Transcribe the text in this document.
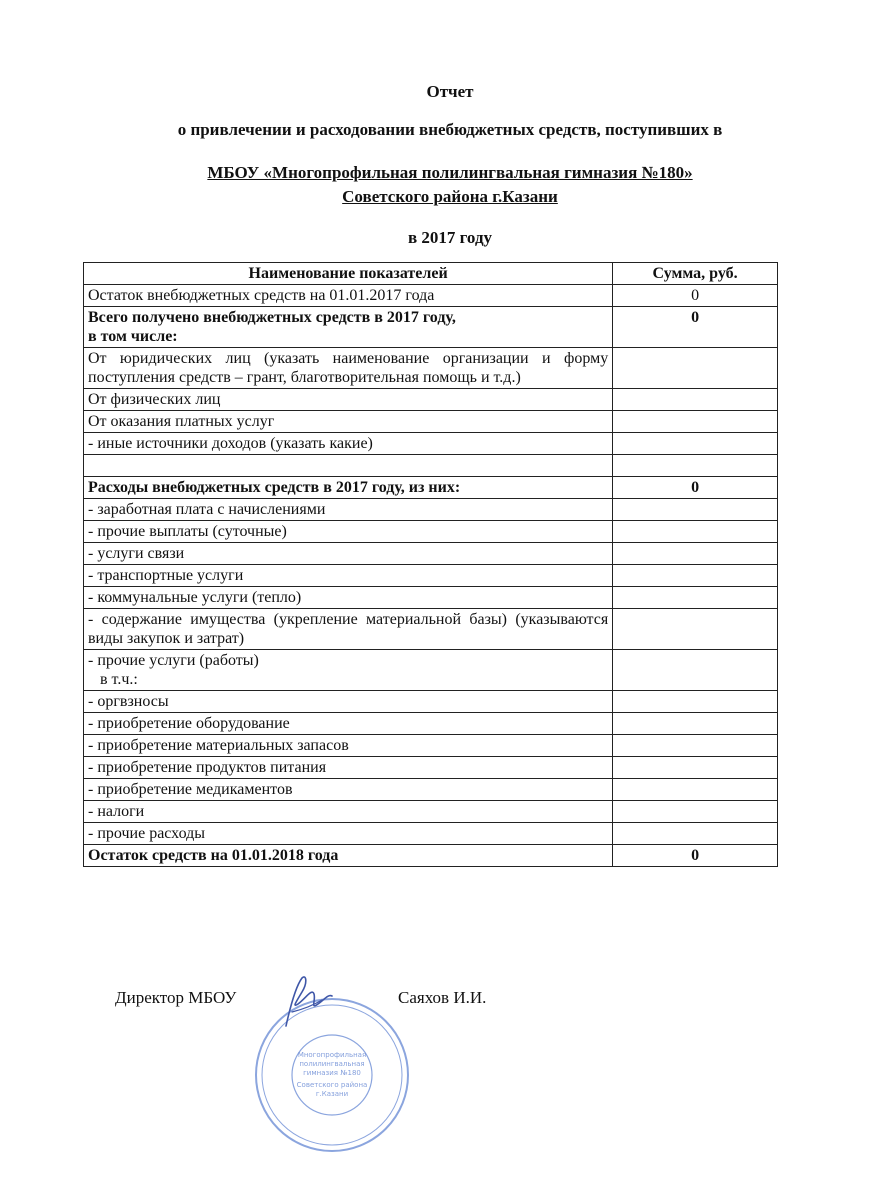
Отчет
о привлечении и расходовании внебюджетных средств, поступивших в
МБОУ «Многопрофильная полилингвальная гимназия №180»
Советского района г.Казани
в 2017 году
Наименование показателей	Сумма, руб.
Остаток внебюджетных средств на 01.01.2017 года	0

Всего получено внебюджетных средств в 2017 году,
в том числе:	0
От юридических лиц (указать наименование организации и форму поступления средств – грант, благотворительная помощь и т.д.)	
От физических лиц	
От оказания платных услуг	
- иные источники доходов (указать какие)	

Расходы внебюджетных средств в 2017 году, из них:	0
- заработная плата с начислениями	
- прочие выплаты (суточные)	
- услуги связи	
- транспортные услуги	
- коммунальные услуги (тепло)	
- содержание имущества (укрепление материальной базы) (указываются виды закупок и затрат)	

- прочие услуги (работы)
в т.ч.:	

- оргвзносы	
- приобретение оборудование	
- приобретение материальных запасов	
- приобретение продуктов питания	
- приобретение медикаментов	
- налоги	
- прочие расходы	
Остаток средств на 01.01.2018 года	0
Директор МБОУ	Саяхов И.И.
Многопрофильная
полилингвальная
гимназия №180
Советского района
г.Казани
